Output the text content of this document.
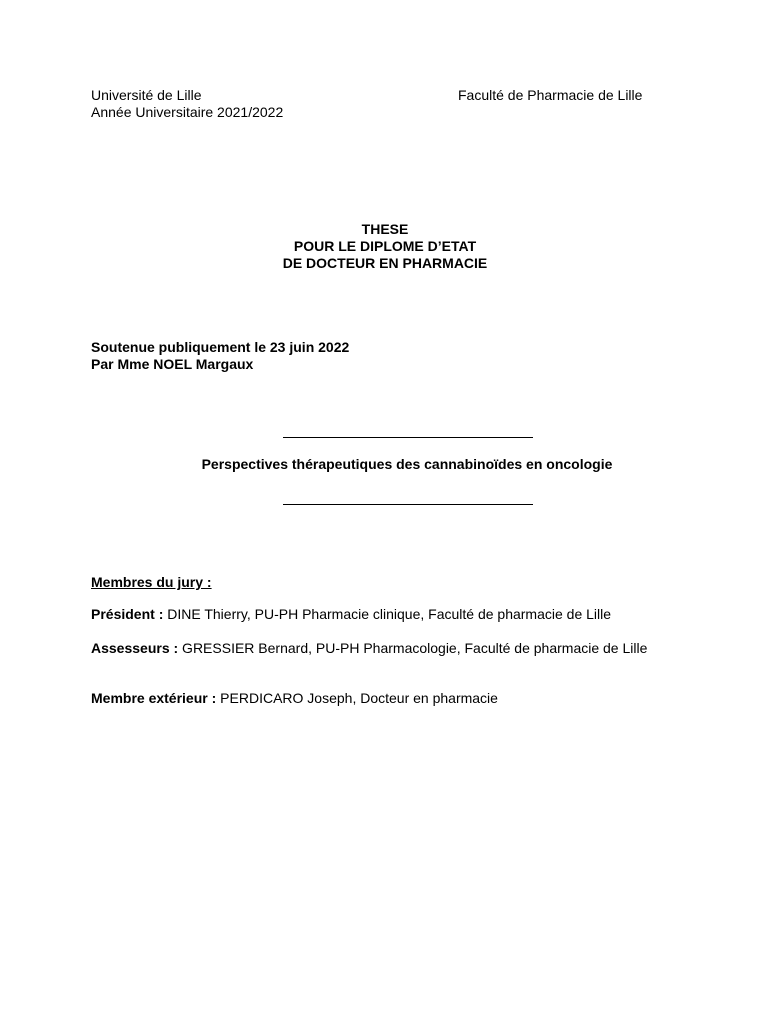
Université de Lille
Année Universitaire 2021/2022
Faculté de Pharmacie de Lille
THESE
POUR LE DIPLOME D’ETAT
DE DOCTEUR EN PHARMACIE
Soutenue publiquement le 23 juin 2022
Par Mme NOEL Margaux
Perspectives thérapeutiques des cannabinoïdes en oncologie
Membres du jury :
Président : DINE Thierry, PU-PH Pharmacie clinique, Faculté de pharmacie de Lille
Assesseurs : GRESSIER Bernard, PU-PH Pharmacologie, Faculté de pharmacie de Lille
Membre extérieur : PERDICARO Joseph, Docteur en pharmacie
